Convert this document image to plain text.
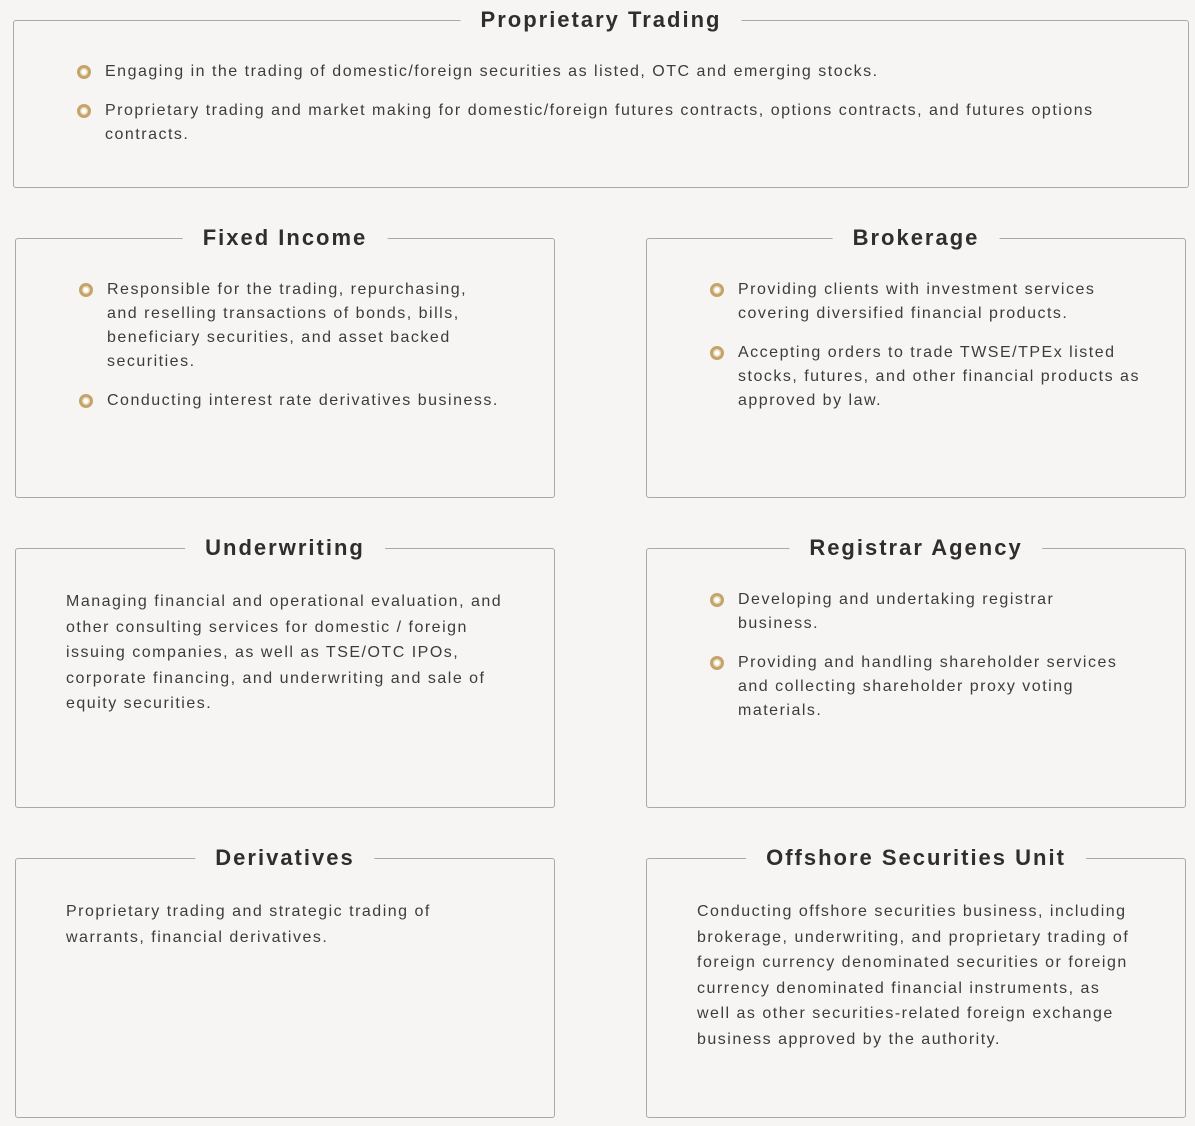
Proprietary Trading
Engaging in the trading of domestic/foreign securities as listed, OTC and emerging stocks.
Proprietary trading and market making for domestic/foreign futures contracts, options contracts, and futures options contracts.
Fixed Income
Responsible for the trading, repurchasing, and reselling transactions of bonds, bills, beneficiary securities, and asset backed securities.
Conducting interest rate derivatives business.
Brokerage
Providing clients with investment services covering diversified financial products.
Accepting orders to trade TWSE/TPEx listed stocks, futures, and other financial products as approved by law.
Underwriting

Managing financial and operational evaluation, and other consulting services for domestic / foreign issuing companies, as well as TSE/OTC IPOs, corporate financing, and underwriting and sale of equity securities.

Registrar Agency
Developing and undertaking registrar business.
Providing and handling shareholder services and collecting shareholder proxy voting materials.
Derivatives

Proprietary trading and strategic trading of warrants, financial derivatives.

Offshore Securities Unit

Conducting offshore securities business, including brokerage, underwriting, and proprietary trading of foreign currency denominated securities or foreign currency denominated financial instruments, as well as other securities-related foreign exchange business approved by the authority.
